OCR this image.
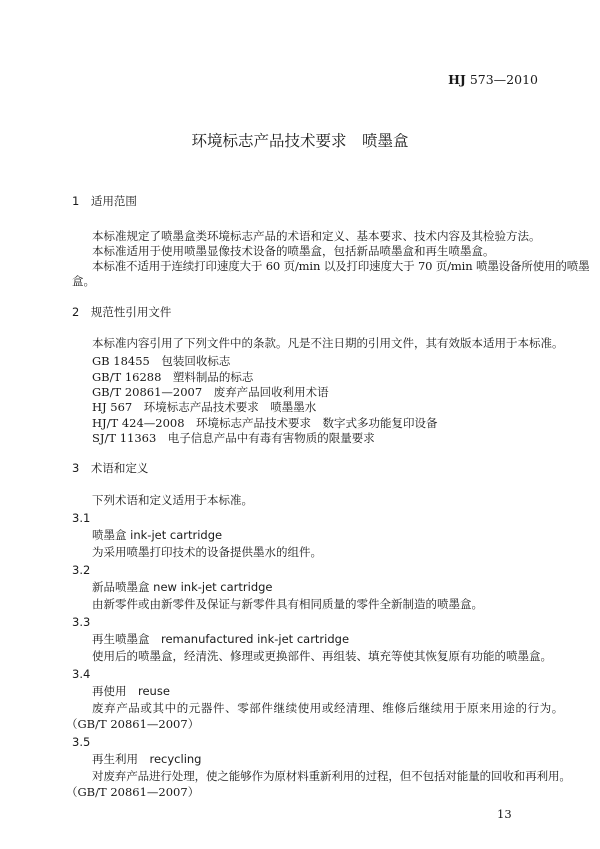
HJ 573—2010
环境标志产品技术要求　喷墨盒
1　适用范围
本标准规定了喷墨盒类环境标志产品的术语和定义、基本要求、技术内容及其检验方法。
本标准适用于使用喷墨显像技术设备的喷墨盒，包括新品喷墨盒和再生喷墨盒。
本标准不适用于连续打印速度大于 60 页/min 以及打印速度大于 70 页/min 喷墨设备所使用的喷墨
盒。
2　规范性引用文件
本标准内容引用了下列文件中的条款。凡是不注日期的引用文件，其有效版本适用于本标准。
GB 18455　包装回收标志
GB/T 16288　塑料制品的标志
GB/T 20861—2007　废弃产品回收利用术语
HJ 567　环境标志产品技术要求　喷墨墨水
HJ/T 424—2008　环境标志产品技术要求　数字式多功能复印设备
SJ/T 11363　电子信息产品中有毒有害物质的限量要求
3　术语和定义
下列术语和定义适用于本标准。
3.1
喷墨盒 ink-jet cartridge
为采用喷墨打印技术的设备提供墨水的组件。
3.2
新品喷墨盒 new ink-jet cartridge
由新零件或由新零件及保证与新零件具有相同质量的零件全新制造的喷墨盒。
3.3
再生喷墨盒　remanufactured ink-jet cartridge
使用后的喷墨盒，经清洗、修理或更换部件、再组装、填充等使其恢复原有功能的喷墨盒。
3.4
再使用　reuse
废弃产品或其中的元器件、零部件继续使用或经清理、维修后继续用于原来用途的行为。
（GB/T 20861—2007）
3.5
再生利用　recycling
对废弃产品进行处理，使之能够作为原材料重新利用的过程，但不包括对能量的回收和再利用。
（GB/T 20861—2007）
13
